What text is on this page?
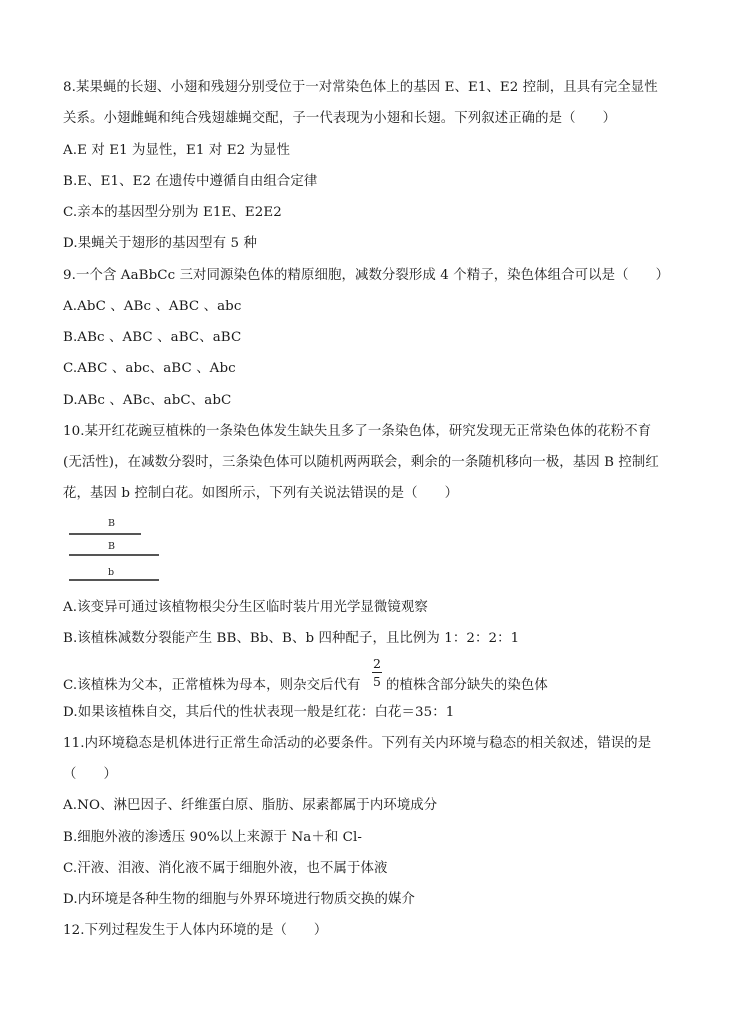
8.某果蝇的长翅、小翅和残翅分别受位于一对常染色体上的基因 E、E1、E2 控制，且具有完全显性
关系。小翅雌蝇和纯合残翅雄蝇交配，子一代表现为小翅和长翅。下列叙述正确的是（　　）
A.E 对 E1 为显性，E1 对 E2 为显性
B.E、E1、E2 在遗传中遵循自由组合定律
C.亲本的基因型分别为 E1E、E2E2
D.果蝇关于翅形的基因型有 5 种
9.一个含 AaBbCc 三对同源染色体的精原细胞，减数分裂形成 4 个精子，染色体组合可以是（　　）
A.AbC 、ABc 、ABC 、abc
B.ABc 、ABC 、aBC、aBC
C.ABC 、abc、aBC 、Abc
D.ABc 、ABc、abC、abC
10.某开红花豌豆植株的一条染色体发生缺失且多了一条染色体，研究发现无正常染色体的花粉不育
(无活性)，在减数分裂时，三条染色体可以随机两两联会，剩余的一条随机移向一极，基因 B 控制红
花，基因 b 控制白花。如图所示，下列有关说法错误的是（　　）
B
B
b
A.该变异可通过该植物根尖分生区临时装片用光学显微镜观察
B.该植株减数分裂能产生 BB、Bb、B、b 四种配子，且比例为 1：2：2：1
C.该植株为父本，正常植株为母本，则杂交后代有
2
5 的植株含部分缺失的染色体
D.如果该植株自交，其后代的性状表现一般是红花：白花＝35：1
11.内环境稳态是机体进行正常生命活动的必要条件。下列有关内环境与稳态的相关叙述，错误的是
（　　）
A.NO、淋巴因子、纤维蛋白原、脂肪、尿素都属于内环境成分
B.细胞外液的渗透压 90%以上来源于 Na＋和 Cl-
C.汗液、泪液、消化液不属于细胞外液，也不属于体液
D.内环境是各种生物的细胞与外界环境进行物质交换的媒介
12.下列过程发生于人体内环境的是（　　）
